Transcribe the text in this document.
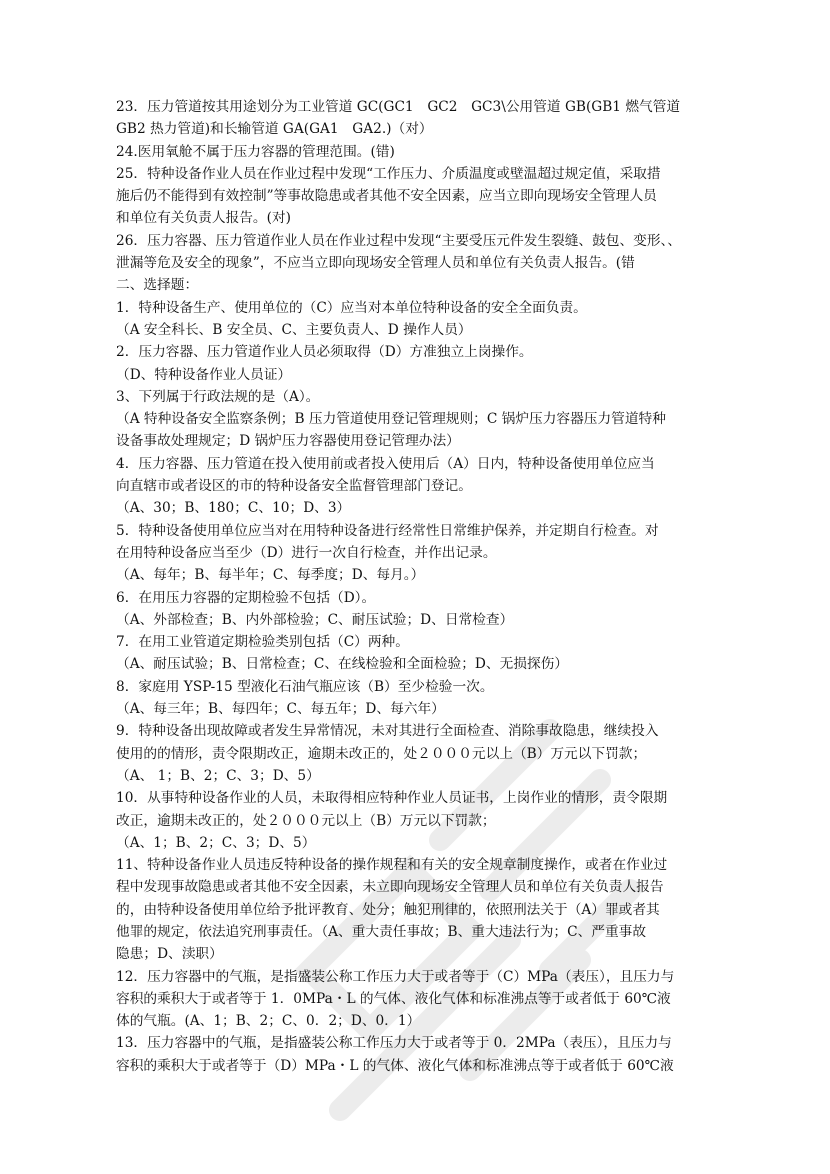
23．压力管道按其用途划分为工业管道 GC(GC1　GC2　GC3\公用管道 GB(GB1 燃气管道
GB2 热力管道)和长输管道 GA(GA1　GA2.)（对）
24.医用氧舱不属于压力容器的管理范围。(错)
25．特种设备作业人员在作业过程中发现“工作压力、介质温度或壁温超过规定值，采取措
施后仍不能得到有效控制”等事故隐患或者其他不安全因素，应当立即向现场安全管理人员
和单位有关负责人报告。(对)
26．压力容器、压力管道作业人员在作业过程中发现“主要受压元件发生裂缝、鼓包、变形、、
泄漏等危及安全的现象”，不应当立即向现场安全管理人员和单位有关负责人报告。(错
二、选择题：
1．特种设备生产、使用单位的（C）应当对本单位特种设备的安全全面负责。
（A 安全科长、B 安全员、C、主要负责人、D 操作人员）
2．压力容器、压力管道作业人员必须取得（D）方准独立上岗操作。
（D、特种设备作业人员证）
3、下列属于行政法规的是（A）。
（A 特种设备安全监察条例；B 压力管道使用登记管理规则；C 锅炉压力容器压力管道特种
设备事故处理规定；D 锅炉压力容器使用登记管理办法）
4．压力容器、压力管道在投入使用前或者投入使用后（A）日内，特种设备使用单位应当
向直辖市或者设区的市的特种设备安全监督管理部门登记。
（A、30；B、180；C、10；D、3）
5．特种设备使用单位应当对在用特种设备进行经常性日常维护保养，并定期自行检查。对
在用特种设备应当至少（D）进行一次自行检查，并作出记录。
（A、每年；B、每半年；C、每季度；D、每月。）
6．在用压力容器的定期检验不包括（D）。
（A、外部检查；B、内外部检验；C、耐压试验；D、日常检查）
7．在用工业管道定期检验类别包括（C）两种。
（A、耐压试验；B、日常检查；C、在线检验和全面检验；D、无损探伤）
8．家庭用 YSP-15 型液化石油气瓶应该（B）至少检验一次。
（A、每三年；B、每四年；C、每五年；D、每六年）
9．特种设备出现故障或者发生异常情况，未对其进行全面检查、消除事故隐患，继续投入
使用的的情形，责令限期改正，逾期未改正的，处２０００元以上（B）万元以下罚款；
（A、 1；B、2；C、3；D、5）
10．从事特种设备作业的人员，未取得相应特种作业人员证书，上岗作业的情形，责令限期
改正，逾期未改正的，处２０００元以上（B）万元以下罚款；
（A、1；B、2；C、3；D、5）
11、特种设备作业人员违反特种设备的操作规程和有关的安全规章制度操作，或者在作业过
程中发现事故隐患或者其他不安全因素，未立即向现场安全管理人员和单位有关负责人报告
的，由特种设备使用单位给予批评教育、处分；触犯刑律的，依照刑法关于（A）罪或者其
他罪的规定，依法追究刑事责任。（A、重大责任事故；B、重大违法行为；C、严重事故
隐患；D、渎职）
12．压力容器中的气瓶，是指盛装公称工作压力大于或者等于（C）MPa（表压），且压力与
容积的乘积大于或者等于 1．0MPa・L 的气体、液化气体和标准沸点等于或者低于 60℃液
体的气瓶。(A、1；B、2；C、0．2；D、0．1）
13．压力容器中的气瓶，是指盛装公称工作压力大于或者等于 0．2MPa（表压），且压力与
容积的乘积大于或者等于（D）MPa・L 的气体、液化气体和标准沸点等于或者低于 60℃液
